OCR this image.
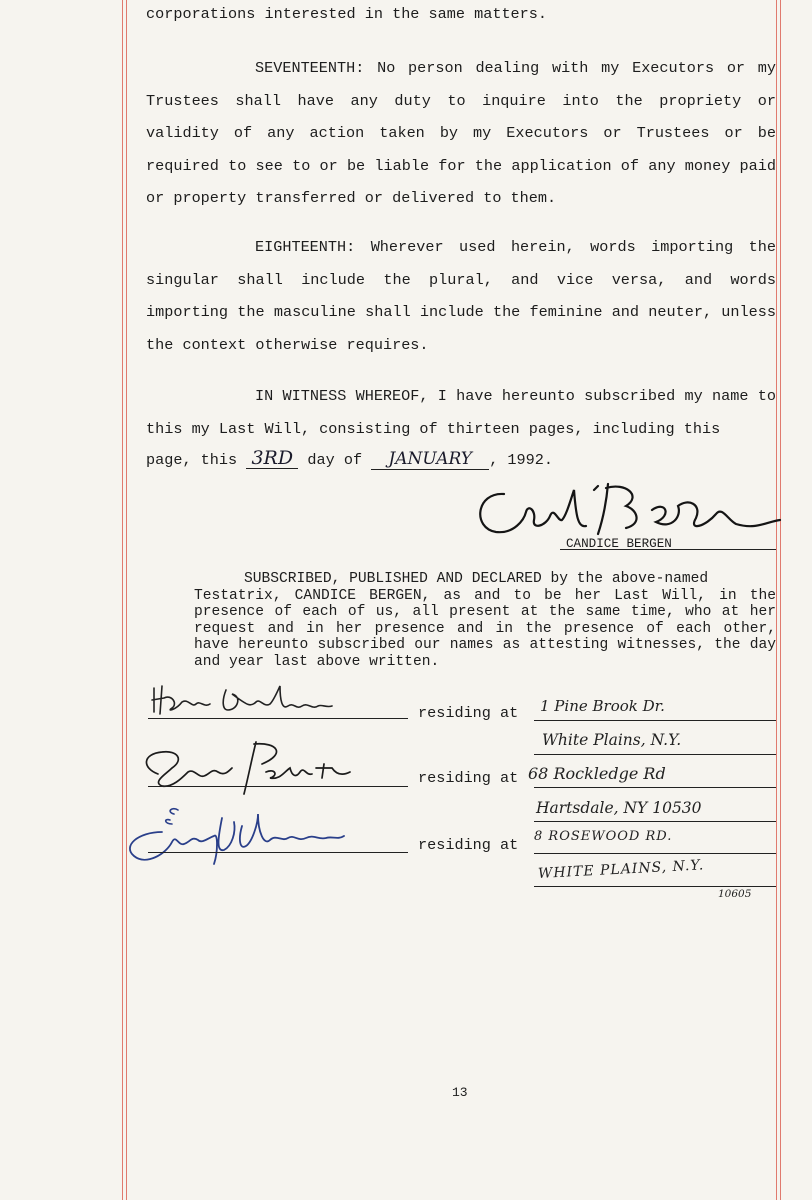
corporations interested in the same matters.

SEVENTEENTH: No person dealing with my Executors or my Trustees shall have any duty to inquire into the propriety or validity of any action taken by my Executors or Trustees or be required to see to or be liable for the application of any money paid or property transferred or delivered to them.

EIGHTEENTH: Wherever used herein, words importing the singular shall include the plural, and vice versa, and words importing the masculine shall include the feminine and neuter, unless the context otherwise requires.

IN WITNESS WHEREOF, I have hereunto subscribed my name to this my Last Will, consisting of thirteen pages, including this

page, this 3RD day of JANUARY , 1992.
CANDICE BERGEN

SUBSCRIBED, PUBLISHED AND DECLARED by the above-named
Testatrix, CANDICE BERGEN, as and to be her Last Will, in the presence of each of us, all present at the same time, who at her request and in her presence and in the presence of each other, have hereunto subscribed our names as attesting witnesses, the day and year last above written.

residing at 1 Pine Brook Dr.
White Plains, N.Y.
residing at 68 Rockledge Rd
Hartsdale, NY 10530
residing at 8 ROSEWOOD RD.
WHITE PLAINS, N.Y.
10605
13
